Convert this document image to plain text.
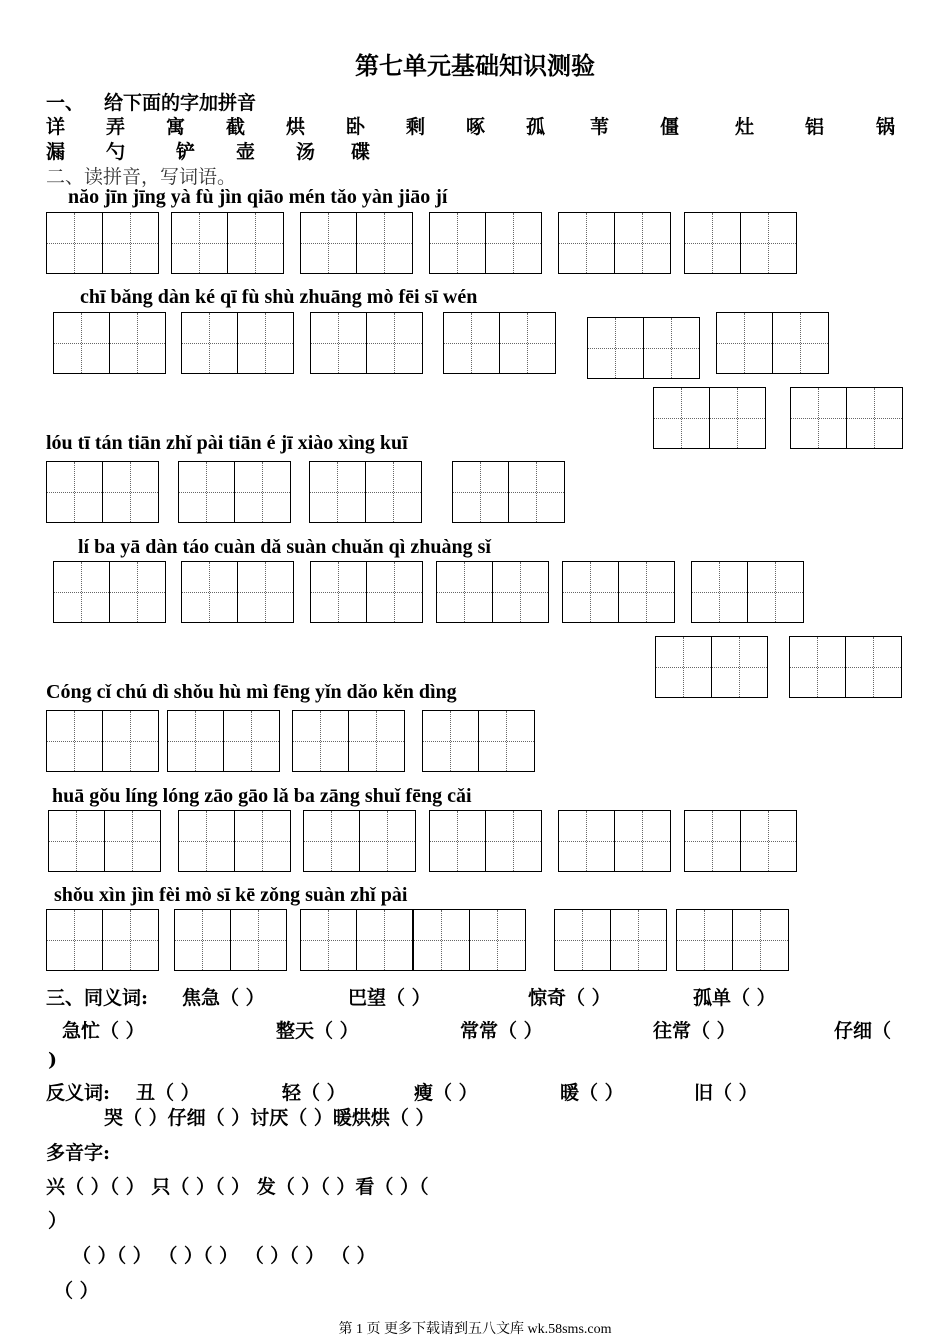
第七单元基础知识测验
一、 给下面的字加拼音
详 弄 寓 截 烘 卧 剩 啄 孤 苇	僵	灶	铝	锅
漏 勺	铲 壶 汤 碟
二、读拼音，写词语。
năo jīn jīng yà fù jìn qiāo mén tǎo yàn jiāo jí
chī bǎng dàn ké qī fù shù zhuāng mò fēi sī wén
lóu tī tán tiān zhǐ pài tiān é jī xiào xìng kuī
lí ba yā dàn táo cuàn dǎ suàn chuǎn qì zhuàng sǐ
Cóng cǐ chú dì shǒu hù mì fēng yǐn dǎo kěn dìng
huā gǒu líng lóng zāo gāo lǎ ba zāng shuǐ fēng cǎi
shǒu xìn jìn fèi mò sī kē zǒng suàn zhǐ pài
三、同义词: 焦急（ ）	巴望（ ）	惊奇（ ）	孤单（ ）
急忙（ ）	整天（ ）	常常（ ）	往常（ ）	仔细（
)
反义词: 丑（ ）	轻（ ）	瘦（ ）	暖（ ）	旧（ ）
哭（ ）仔细（ ）讨厌（ ）暖烘烘（ ）
多音字:
兴（ ）（ ） 只（ ）（ ） 发（ ）（ ）看（ ）（
）
（ ）（ ） （ ）（ ） （ ）（ ） （ ）
（ ）
第 1 页 更多下载请到五八文库 wk.58sms.com
